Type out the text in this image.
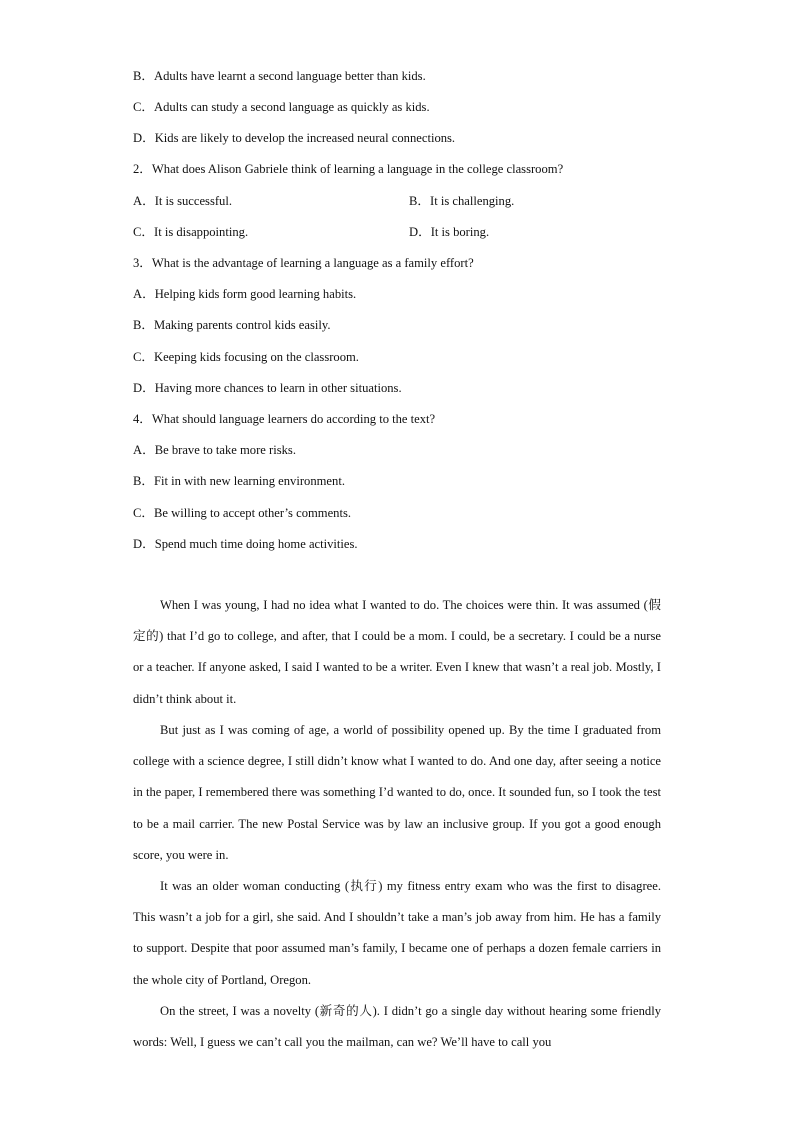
B．Adults have learnt a second language better than kids.
C．Adults can study a second language as quickly as kids.
D．Kids are likely to develop the increased neural connections.
2．What does Alison Gabriele think of learning a language in the college classroom?
A．It is successful.	B．It is challenging.
C．It is disappointing.	D．It is boring.
3．What is the advantage of learning a language as a family effort?
A．Helping kids form good learning habits.
B．Making parents control kids easily.
C．Keeping kids focusing on the classroom.
D．Having more chances to learn in other situations.
4．What should language learners do according to the text?
A．Be brave to take more risks.
B．Fit in with new learning environment.
C．Be willing to accept other’s comments.
D．Spend much time doing home activities.

When I was young, I had no idea what I wanted to do. The choices were thin. It was assumed (假定的) that I’d go to college, and after, that I could be a mom. I could, be a secretary. I could be a nurse or a teacher. If anyone asked, I said I wanted to be a writer. Even I knew that wasn’t a real job. Mostly, I didn’t think about it.

But just as I was coming of age, a world of possibility opened up. By the time I graduated from college with a science degree, I still didn’t know what I wanted to do. And one day, after seeing a notice in the paper, I remembered there was something I’d wanted to do, once. It sounded fun, so I took the test to be a mail carrier. The new Postal Service was by law an inclusive group. If you got a good enough score, you were in.

It was an older woman conducting (执行) my fitness entry exam who was the first to disagree. This wasn’t a job for a girl, she said. And I shouldn’t take a man’s job away from him. He has a family to support. Despite that poor assumed man’s family, I became one of perhaps a dozen female carriers in the whole city of Portland, Oregon.

On the street, I was a novelty (新奇的人). I didn’t go a single day without hearing some friendly words: Well, I guess we can’t call you the mailman, can we? We’ll have to call you
